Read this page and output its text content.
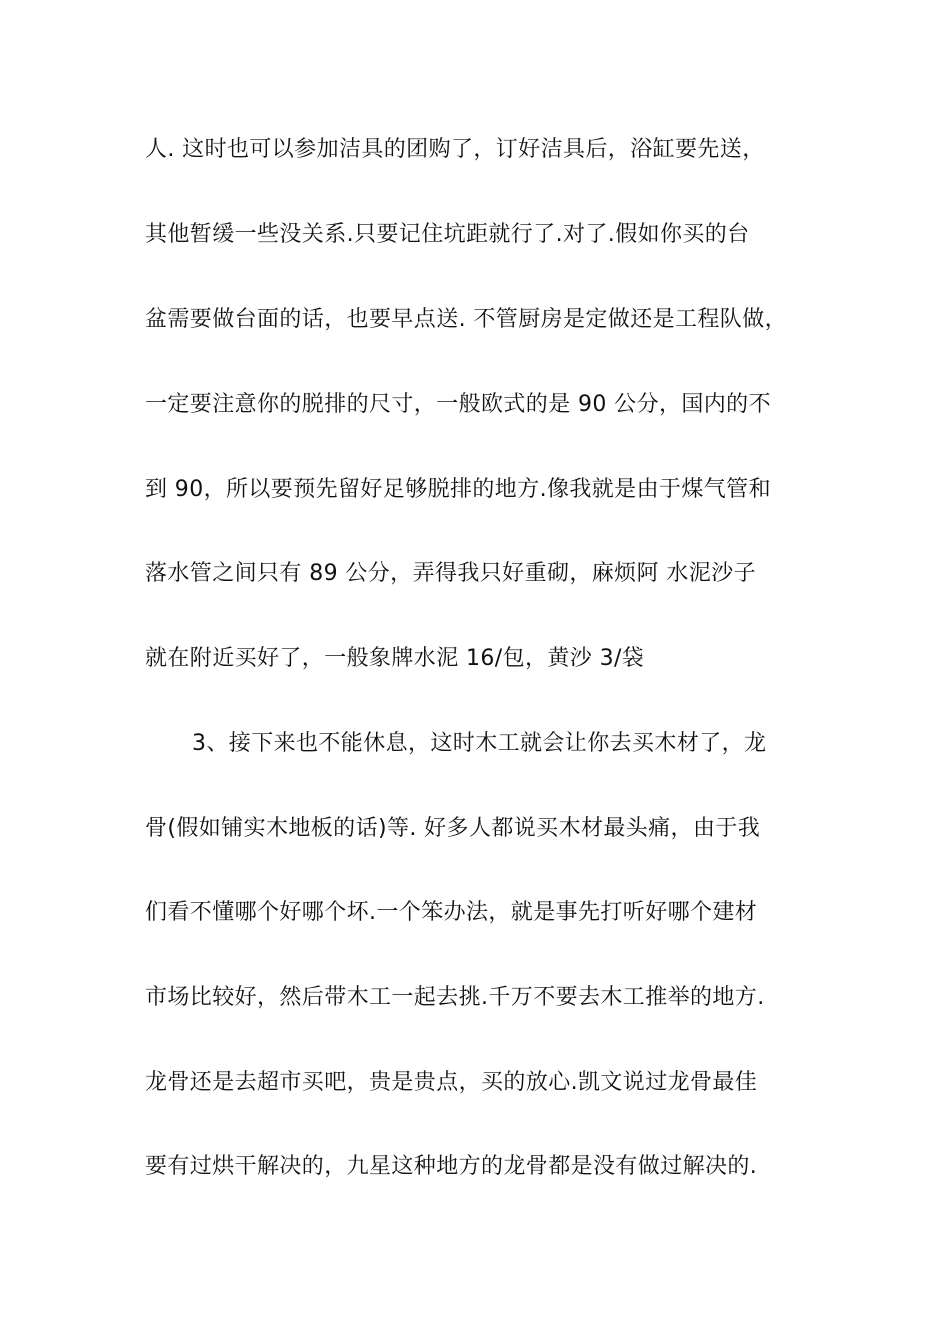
人. 这时也可以参加洁具的团购了，订好洁具后，浴缸要先送，
其他暂缓一些没关系.只要记住坑距就行了.对了.假如你买的台
盆需要做台面的话，也要早点送. 不管厨房是定做还是工程队做，
一定要注意你的脱排的尺寸，一般欧式的是 90 公分，国内的不
到 90，所以要预先留好足够脱排的地方.像我就是由于煤气管和
落水管之间只有 89 公分，弄得我只好重砌，麻烦阿 水泥沙子
就在附近买好了，一般象牌水泥 16/包，黄沙 3/袋
3、接下来也不能休息，这时木工就会让你去买木材了，龙
骨(假如铺实木地板的话)等. 好多人都说买木材最头痛，由于我
们看不懂哪个好哪个坏.一个笨办法，就是事先打听好哪个建材
市场比较好，然后带木工一起去挑.千万不要去木工推举的地方.
龙骨还是去超市买吧，贵是贵点，买的放心.凯文说过龙骨最佳
要有过烘干解决的，九星这种地方的龙骨都是没有做过解决的.
